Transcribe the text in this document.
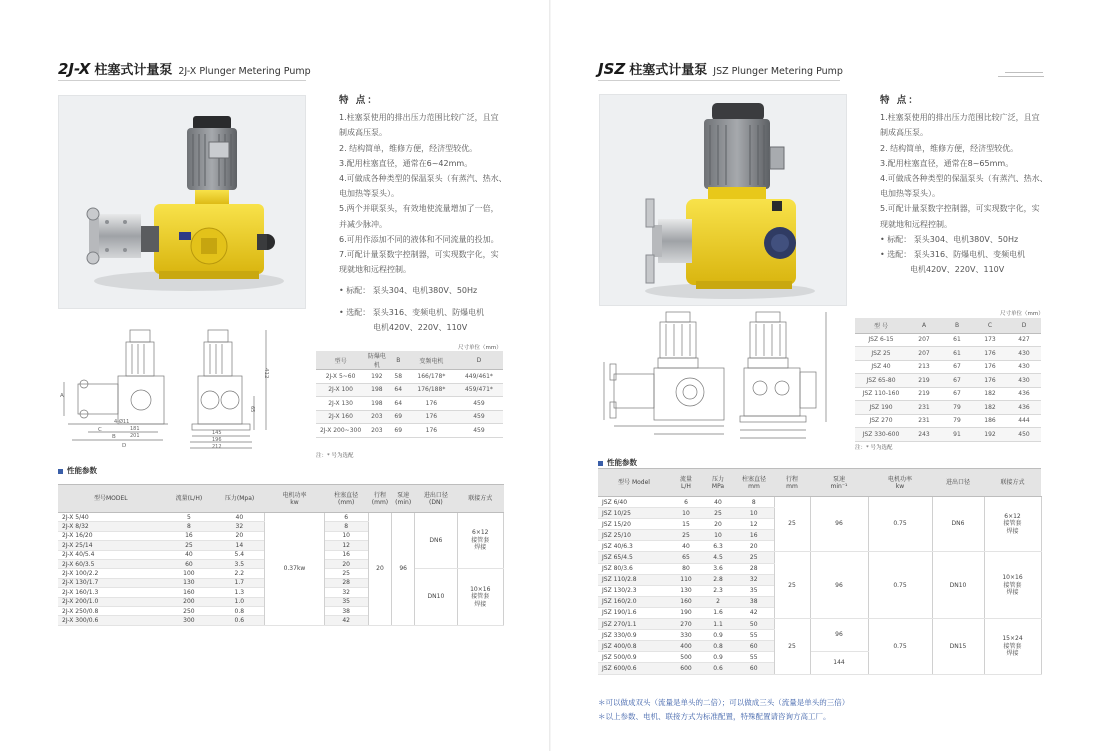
2J-X 柱塞式计量泵 2J-X Plunger Metering Pump
特 点：
1.柱塞泵使用的排出压力范围比较广泛，且宜
制成高压泵。
2. 结构简单，维修方便，经济型较优。
3.配用柱塞直径，通常在6~42mm。
4.可做成各种类型的保温泵头（有蒸汽、热水、
电加热等泵头）。
5.两个并联泵头，有效地使流量增加了一倍，
并减少脉冲。
6.可用作添加不同的液体和不同流量的投加。
7.可配计量泵数字控制器，可实现数字化，实
现就地和远程控制。
• 标配： 泵头304、电机380V、50Hz
• 选配： 泵头316、变频电机、防爆电机
电机420V、220V、110V
412
A
B
C
D
4-Ø11
181
201	145
196
212
65
尺寸单位（mm）
型号	防爆电机	B	变频电机	D
2J-X 5~60	192	58	166/178*	449/461*
2J-X 100	198	64	176/188*	459/471*
2J-X 130	198	64	176	459
2J-X 160	203	69	176	459
2J-X 200~300	203	69	176	459
注：* 号为选配
性能参数
型号MODEL	流量(L/H)	压力(Mpa)	电机功率
kw	柱塞直径
(mm)	行程
(mm)	泵速
(min)	进出口径
(DN)	联接方式
2J-X 5/40	5	40	0.37kw	6	20	96	DN6	6×12
接管套
焊接
2J-X 8/32	8	32		8				
2J-X 16/20	16	20		10				
2J-X 25/14	25	14		12				
2J-X 40/5.4	40	5.4		16				
2J-X 60/3.5	60	3.5		20				
2J-X 100/2.2	100	2.2		25			DN10	10×16
接管套
焊接
2J-X 130/1.7	130	1.7		28				
2J-X 160/1.3	160	1.3		32				
2J-X 200/1.0	200	1.0		35				
2J-X 250/0.8	250	0.8		38				
2J-X 300/0.6	300	0.6		42				
JSZ 柱塞式计量泵 JSZ Plunger Metering Pump
特 点：
1.柱塞泵使用的排出压力范围比较广泛，且宜
制成高压泵。
2. 结构简单，维修方便，经济型较优。
3.配用柱塞直径，通常在8~65mm。
4.可做成各种类型的保温泵头（有蒸汽、热水、
电加热等泵头）。
5.可配计量泵数字控制器，可实现数字化，实
现就地和远程控制。
• 标配： 泵头304、电机380V、50Hz
• 选配： 泵头316、防爆电机、变频电机
电机420V、220V、110V
尺寸单位（mm）
型 号	A	B	C	D
JSZ 6-15	207	61	173	427
JSZ 25	207	61	176	430
JSZ 40	213	67	176	430
JSZ 65-80	219	67	176	430
JSZ 110-160	219	67	182	436
JSZ 190	231	79	182	436
JSZ 270	231	79	186	444
JSZ 330-600	243	91	192	450
注：* 号为选配
性能参数
型号 Model	流量
L/H	压力
MPa	柱塞直径
mm	行程
mm	泵速
min⁻¹	电机功率
kw	进出口径	联接方式
JSZ 6/40	6	40	8	25	96	0.75	DN6	6×12
接管套
焊接
JSZ 10/25	10	25	10					
JSZ 15/20	15	20	12					
JSZ 25/10	25	10	16					
JSZ 40/6.3	40	6.3	20					
JSZ 65/4.5	65	4.5	25	25	96	0.75	DN10	10×16
接管套
焊接
JSZ 80/3.6	80	3.6	28					
JSZ 110/2.8	110	2.8	32					
JSZ 130/2.3	130	2.3	35					
JSZ 160/2.0	160	2	38					
JSZ 190/1.6	190	1.6	42					
JSZ 270/1.1	270	1.1	50	25	96	0.75	DN15	15×24
接管套
焊接
JSZ 330/0.9	330	0.9	55					
JSZ 400/0.8	400	0.8	60					
JSZ 500/0.9	500	0.9	55		144			
JSZ 600/0.6	600	0.6	60					
＊可以做成双头（流量是单头的二倍）；可以做成三头（流量是单头的三倍）
＊以上参数、电机、联接方式为标准配置，特殊配置请咨询方高工厂。
